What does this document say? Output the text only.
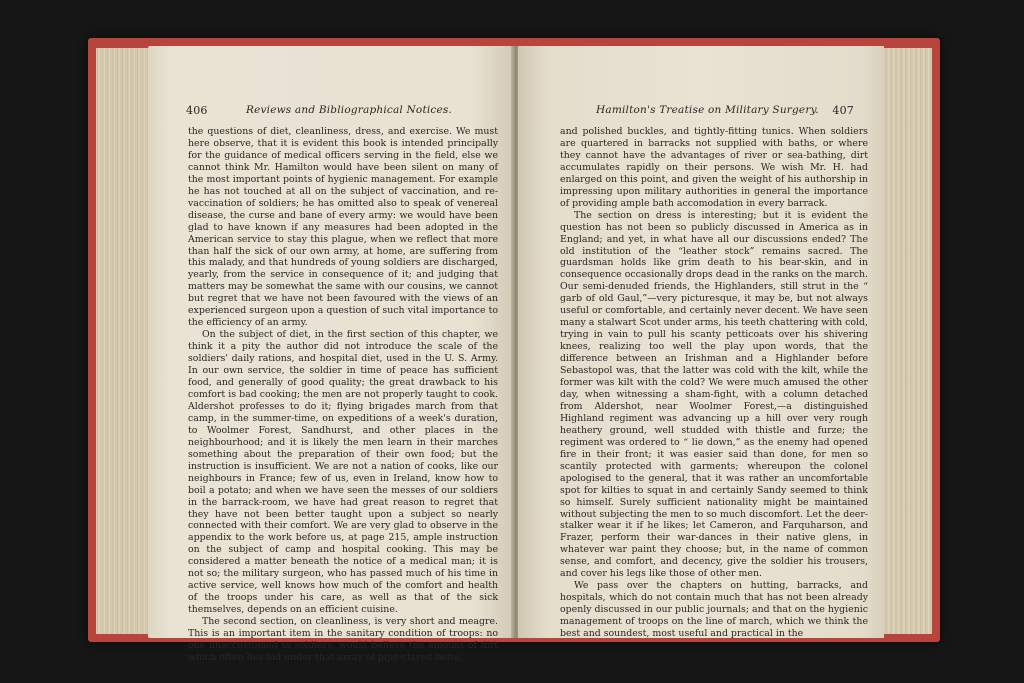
406	Reviews and Bibliographical Notices.

the questions of diet, cleanliness, dress, and exercise. We must here observe, that it is evident this book is intended principally for the guidance of medical officers serving in the field, else we cannot think Mr. Hamilton would have been silent on many of the most important points of hygienic management. For example he has not touched at all on the subject of vaccination, and re-vaccination of soldiers; he has omitted also to speak of venereal disease, the curse and bane of every army: we would have been glad to have known if any measures had been adopted in the American service to stay this plague, when we reflect that more than half the sick of our own army, at home, are suffering from this malady, and that hundreds of young soldiers are discharged, yearly, from the service in consequence of it; and judging that matters may be somewhat the same with our cousins, we cannot but regret that we have not been favoured with the views of an experienced surgeon upon a question of such vital importance to the efficiency of an army.

On the subject of diet, in the first section of this chapter, we think it a pity the author did not introduce the scale of the soldiers' daily rations, and hospital diet, used in the U. S. Army. In our own service, the soldier in time of peace has sufficient food, and generally of good quality; the great drawback to his comfort is bad cooking; the men are not properly taught to cook. Aldershot professes to do it; flying brigades march from that camp, in the summer-time, on expeditions of a week's duration, to Woolmer Forest, Sandhurst, and other places in the neighbourhood; and it is likely the men learn in their marches something about the preparation of their own food; but the instruction is insufficient. We are not a nation of cooks, like our neighbours in France; few of us, even in Ireland, know how to boil a potato; and when we have seen the messes of our soldiers in the barrack-room, we have had great reason to regret that they have not been better taught upon a subject so nearly connected with their comfort. We are very glad to observe in the appendix to the work before us, at page 215, ample instruction on the subject of camp and hospital cooking. This may be considered a matter beneath the notice of a medical man; it is not so; the military surgeon, who has passed much of his time in active service, well knows how much of the comfort and health of the troops under his care, as well as that of the sick themselves, depends on an efficient cuisine.

The second section, on cleanliness, is very short and meagre. This is an important item in the sanitary condition of troops: no one unaccustomed to soldiers, would believe the amount of dirt which often lies hid under that array of pipe-clayed belts,

Hamilton's Treatise on Military Surgery. 407

and polished buckles, and tightly-fitting tunics. When soldiers are quartered in barracks not supplied with baths, or where they cannot have the advantages of river or sea-bathing, dirt accumulates rapidly on their persons. We wish Mr. H. had enlarged on this point, and given the weight of his authorship in impressing upon military authorities in general the importance of providing ample bath accomodation in every barrack.

The section on dress is interesting; but it is evident the question has not been so publicly discussed in America as in England; and yet, in what have all our discussions ended? The old institution of the “leather stock” remains sacred. The guardsman holds like grim death to his bear-skin, and in consequence occasionally drops dead in the ranks on the march. Our semi-denuded friends, the Highlanders, still strut in the “ garb of old Gaul,”—very picturesque, it may be, but not always useful or comfortable, and certainly never decent. We have seen many a stalwart Scot under arms, his teeth chattering with cold, trying in vain to pull his scanty petticoats over his shivering knees, realizing too well the play upon words, that the difference between an Irishman and a Highlander before Sebastopol was, that the latter was cold with the kilt, while the former was kilt with the cold? We were much amused the other day, when witnessing a sham-fight, with a column detached from Aldershot, near Woolmer Forest,—a distinguished Highland regiment was advancing up a hill over very rough heathery ground, well studded with thistle and furze; the regiment was ordered to “ lie down,” as the enemy had opened fire in their front; it was easier said than done, for men so scantily protected with garments; whereupon the colonel apologised to the general, that it was rather an uncomfortable spot for kilties to squat in and certainly Sandy seemed to think so himself. Surely sufficient nationality might be maintained without subjecting the men to so much discomfort. Let the deer-stalker wear it if he likes; let Cameron, and Farquharson, and Frazer, perform their war-dances in their native glens, in whatever war paint they choose; but, in the name of common sense, and comfort, and decency, give the soldier his trousers, and cover his legs like those of other men.

We pass over the chapters on hutting, barracks, and hospitals, which do not contain much that has not been already openly discussed in our public journals; and that on the hygienic management of troops on the line of march, which we think the best and soundest, most useful and practical in the
